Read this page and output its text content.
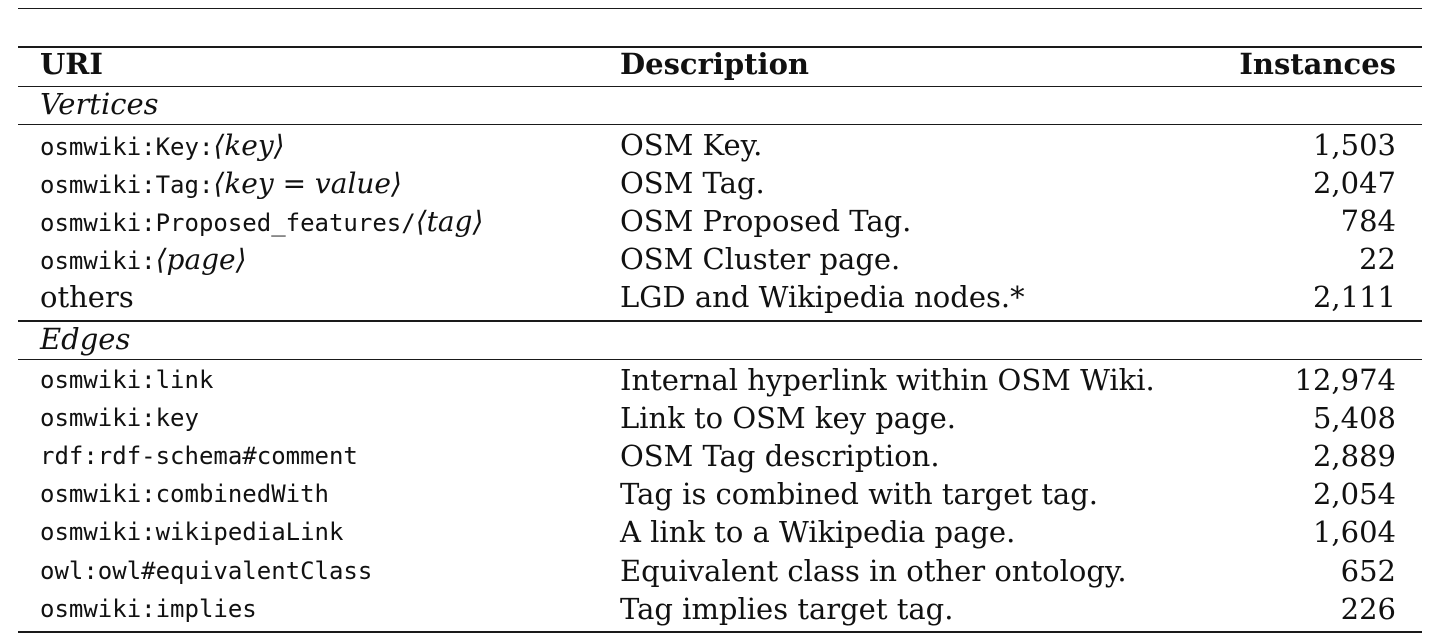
URI	Description	Instances
Vertices
osmwiki:Key:⟨key⟩	OSM Key.	1,503
osmwiki:Tag:⟨key = value⟩	OSM Tag.	2,047
osmwiki:Proposed_features/⟨tag⟩	OSM Proposed Tag.	784
osmwiki:⟨page⟩	OSM Cluster page.	22
others	LGD and Wikipedia nodes.*	2,111
Edges
osmwiki:link	Internal hyperlink within OSM Wiki.	12,974
osmwiki:key	Link to OSM key page.	5,408
rdf:rdf-schema#comment	OSM Tag description.	2,889
osmwiki:combinedWith	Tag is combined with target tag.	2,054
osmwiki:wikipediaLink	A link to a Wikipedia page.	1,604
owl:owl#equivalentClass	Equivalent class in other ontology.	652
osmwiki:implies	Tag implies target tag.	226
